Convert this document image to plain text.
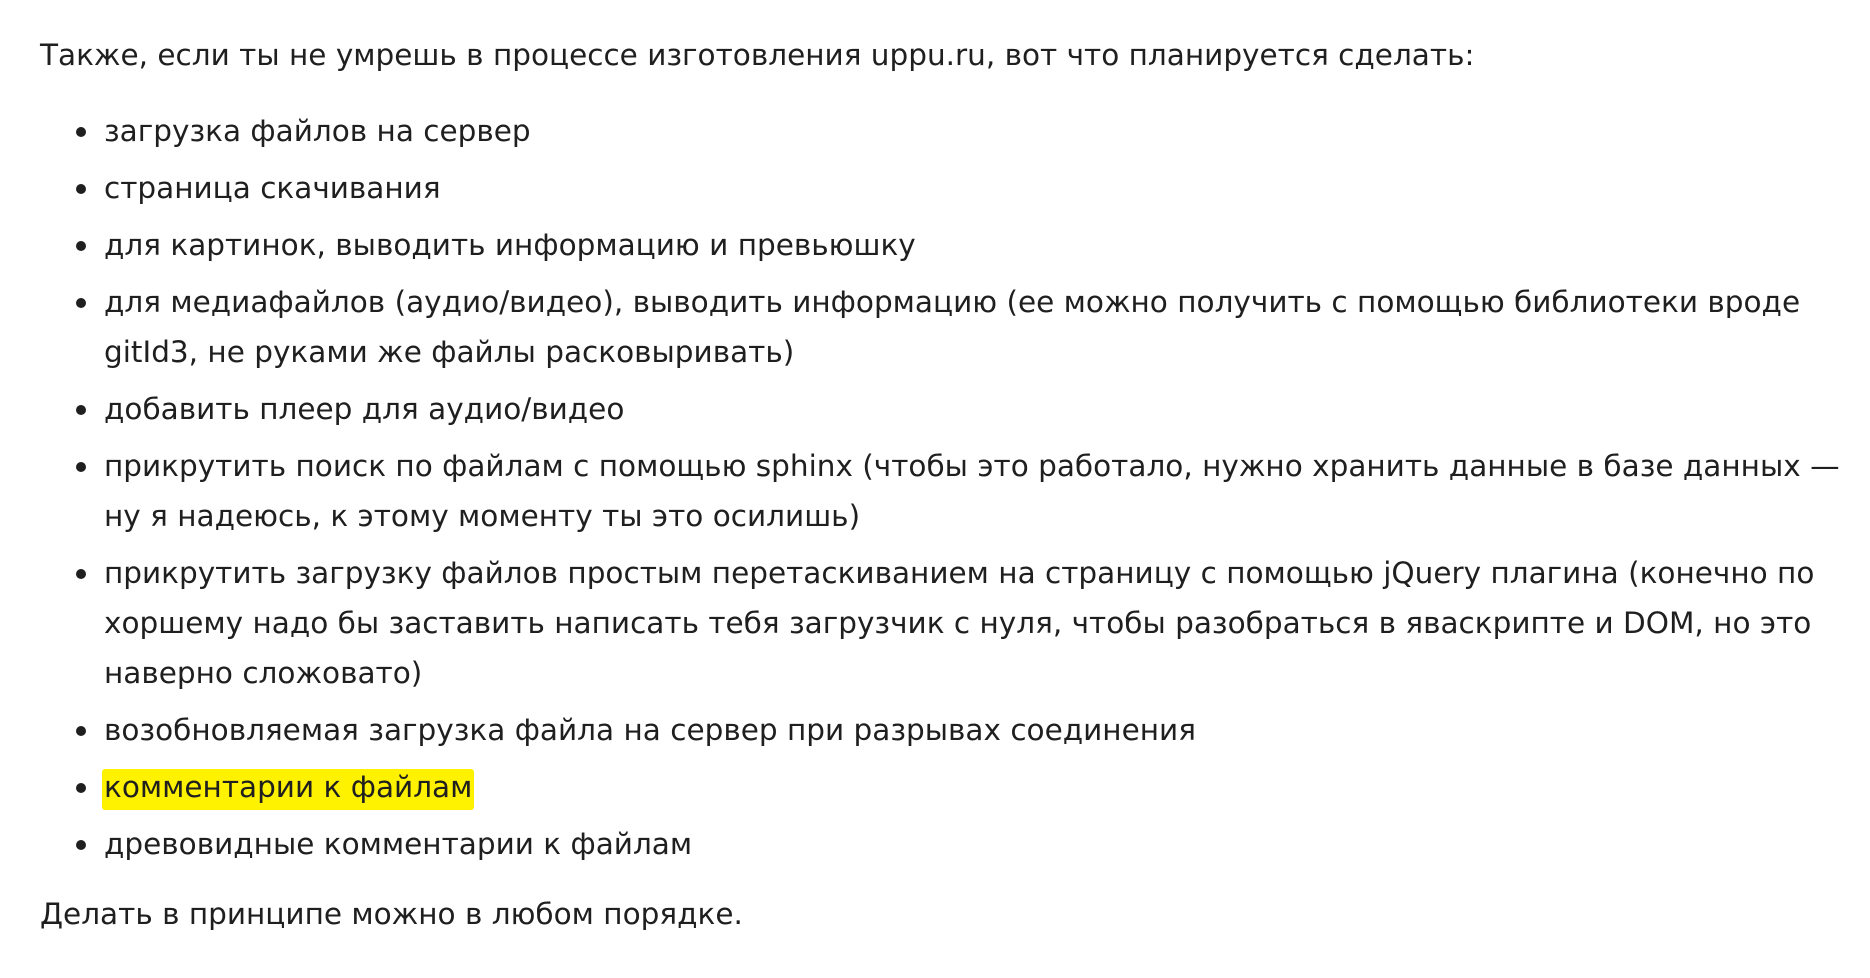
Также, если ты не умрешь в процессе изготовления uppu.ru, вот что планируется сделать:

загрузка файлов на сервер
страница скачивания
для картинок, выводить информацию и превьюшку
для медиафайлов (аудио/видео), выводить информацию (ее можно получить с помощью библиотеки вроде gitId3, не руками же файлы расковыривать)
добавить плеер для аудио/видео
прикрутить поиск по файлам с помощью sphinx (чтобы это работало, нужно хранить данные в базе данных — ну я надеюсь, к этому моменту ты это осилишь)
прикрутить загрузку файлов простым перетаскиванием на страницу с помощью jQuery плагина (конечно по хоршему надо бы заставить написать тебя загрузчик с нуля, чтобы разобраться в яваскрипте и DOM, но это наверно сложовато)
возобновляемая загрузка файла на сервер при разрывах соединения
комментарии к файлам
древовидные комментарии к файлам

Делать в принципе можно в любом порядке.
